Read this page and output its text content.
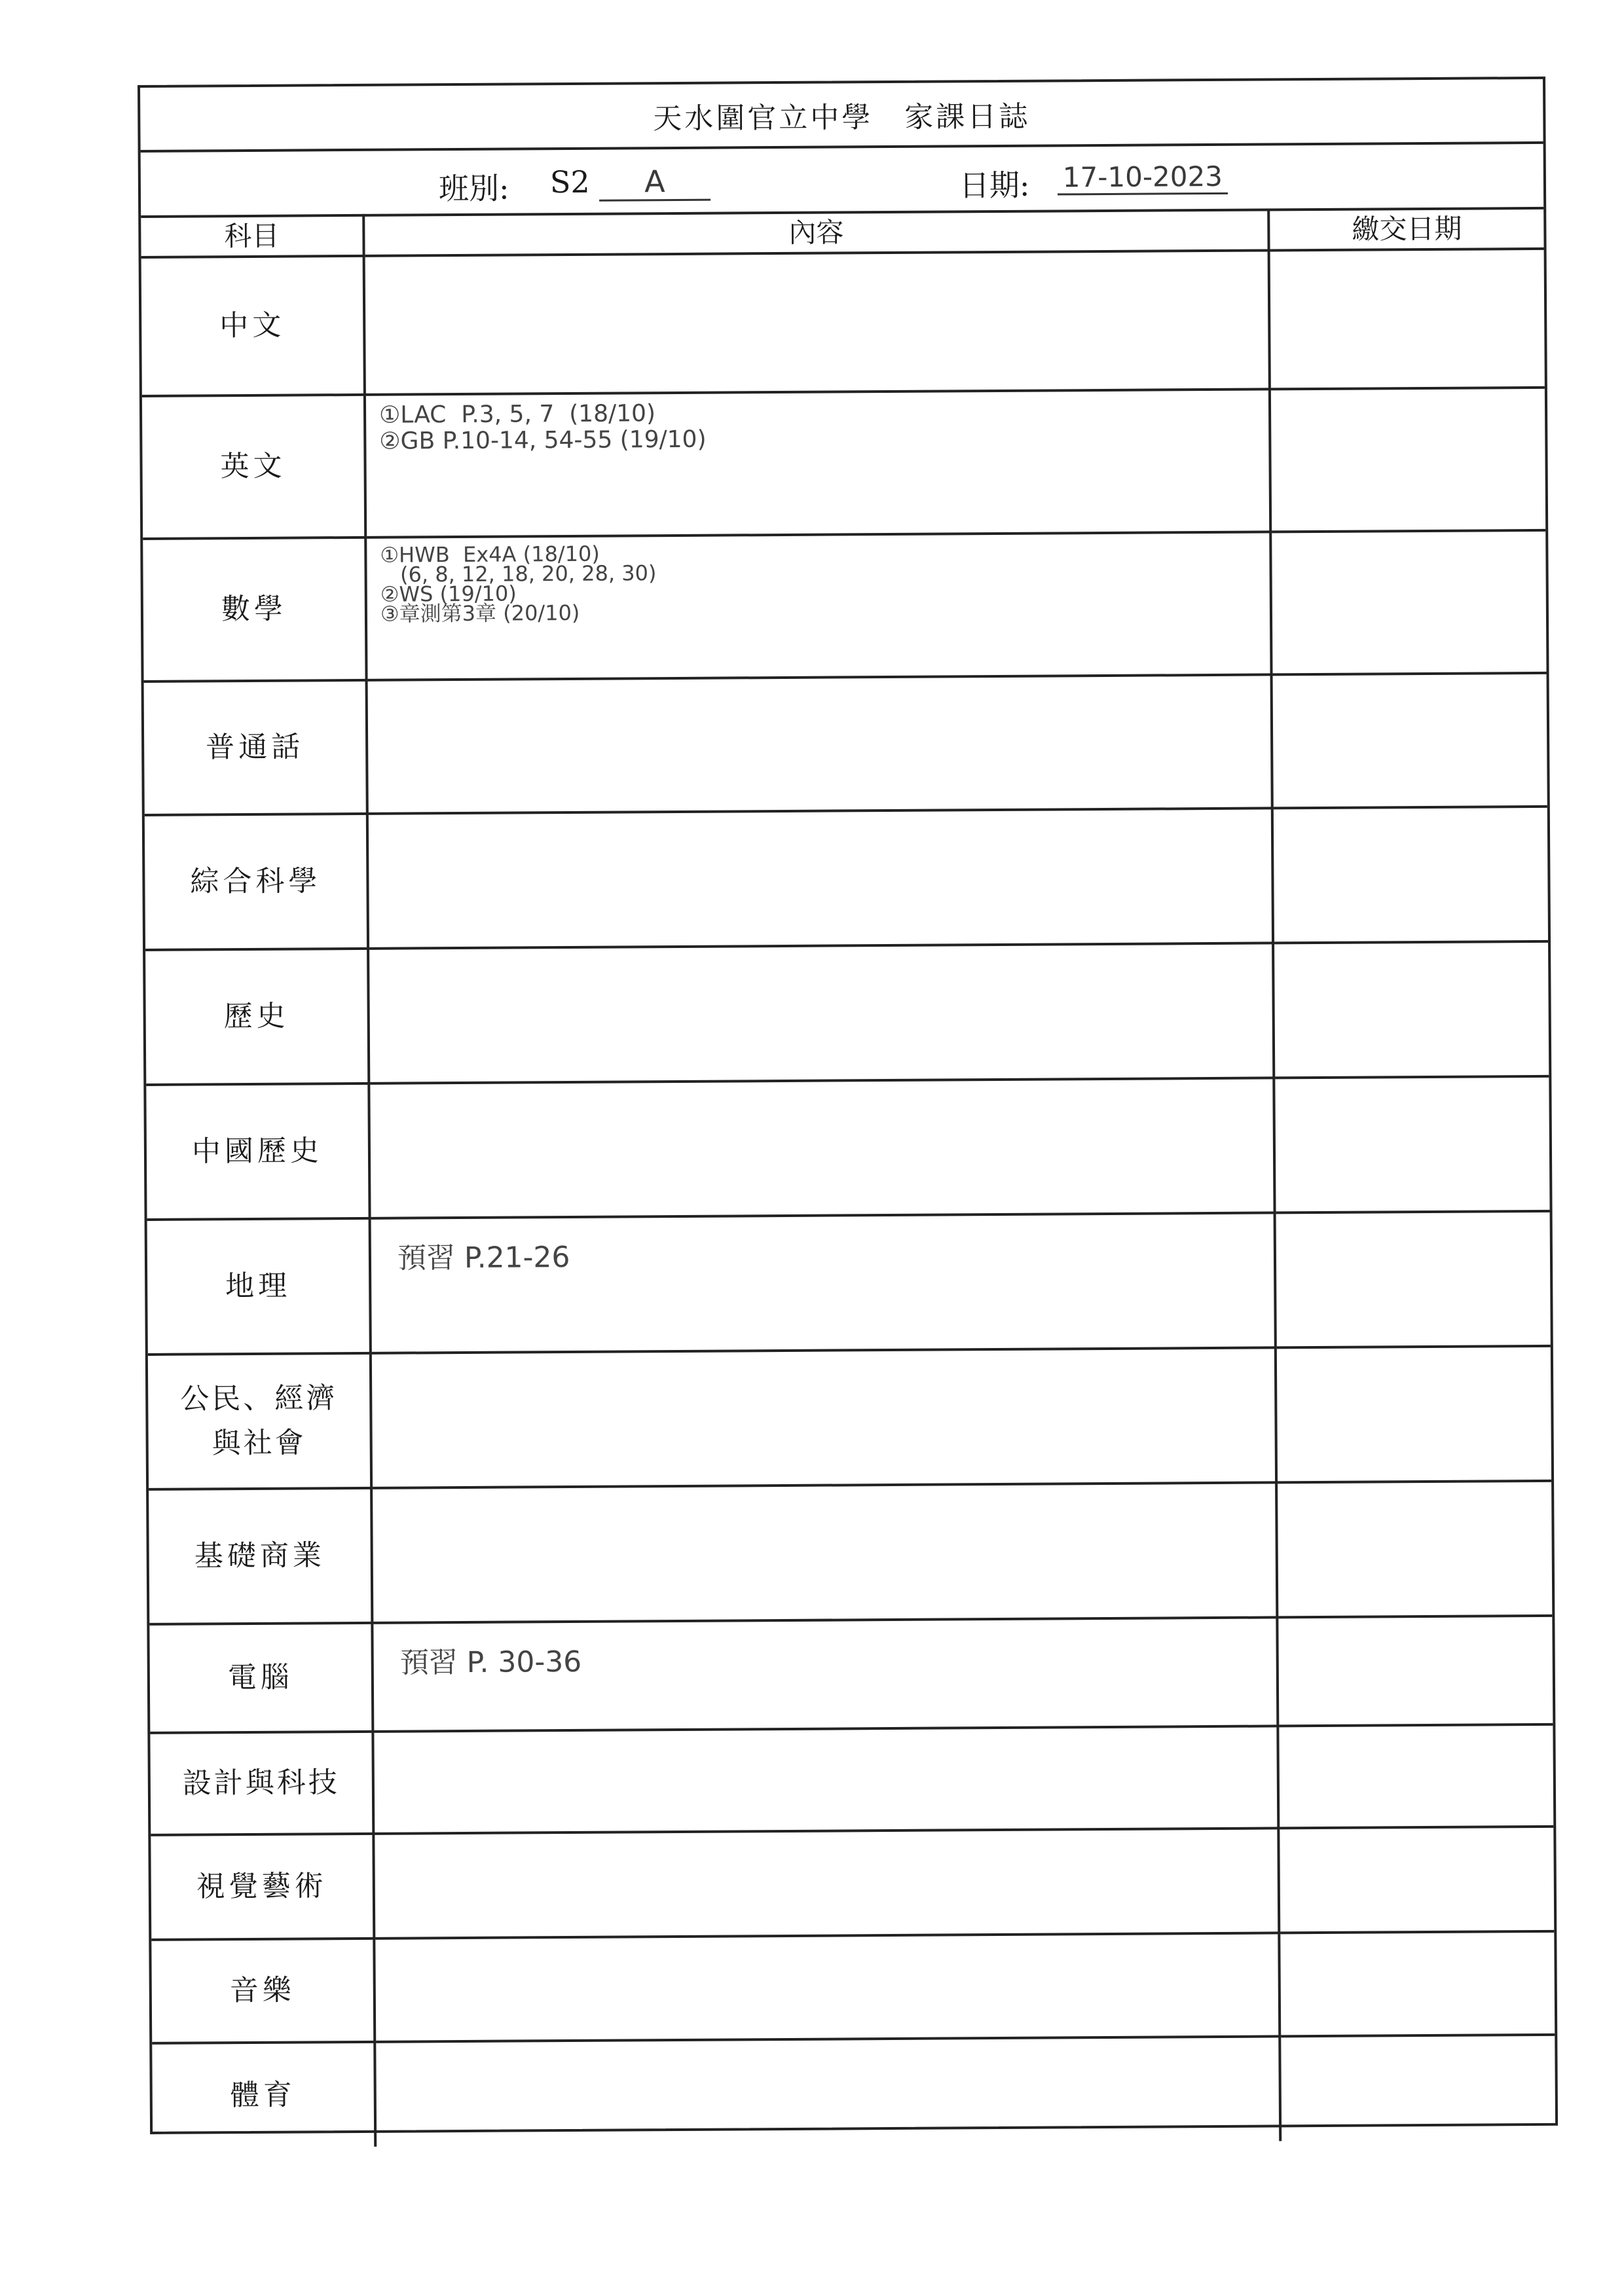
天水圍官立中學　家課日誌
班別: S2	A	日期: 17-10-2023
科目	內容	繳交日期
中文	

英文	①LAC  P.3, 5, 7  (18/10)
②GB P.10-14, 54-55 (19/10)	

數學	①HWB  Ex4A (18/10)
(6, 8, 12, 18, 20, 28, 30)
②WS (19/10)
③章測第3章 (20/10)	

普通話	

綜合科學	

歷史	

中國歷史	

地理	預習 P.21-26	

公民、經濟
與社會	

基礎商業	

電腦	預習 P. 30-36	

設計與科技	

視覺藝術	

音樂	

體育	
